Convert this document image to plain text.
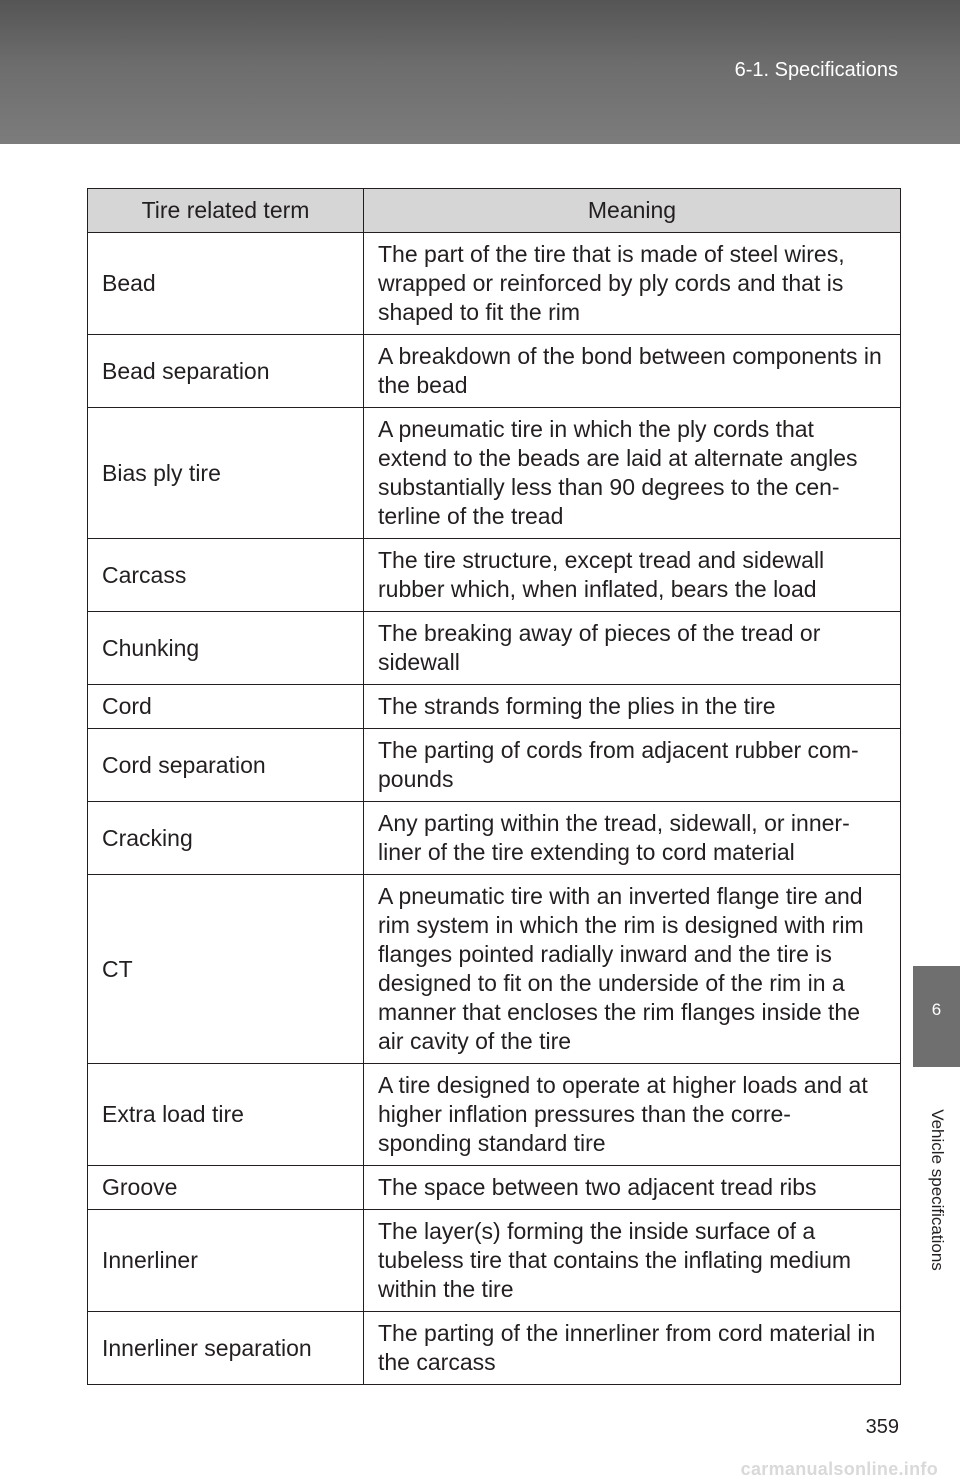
6-1. Specifications
6
Vehicle specifications
Tire related term	Meaning
Bead	The part of the tire that is made of steel wires, wrapped or reinforced by ply cords and that is shaped to fit the rim
Bead separation	A breakdown of the bond between components in the bead
Bias ply tire	A pneumatic tire in which the ply cords that extend to the beads are laid at alternate angles substantially less than 90 degrees to the cen-terline of the tread
Carcass	The tire structure, except tread and sidewall rubber which, when inflated, bears the load
Chunking	The breaking away of pieces of the tread or sidewall
Cord	The strands forming the plies in the tire
Cord separation	The parting of cords from adjacent rubber com-pounds
Cracking	Any parting within the tread, sidewall, or inner-liner of the tire extending to cord material
CT	A pneumatic tire with an inverted flange tire and rim system in which the rim is designed with rim flanges pointed radially inward and the tire is designed to fit on the underside of the rim in a manner that encloses the rim flanges inside the air cavity of the tire
Extra load tire	A tire designed to operate at higher loads and at higher inflation pressures than the corre-sponding standard tire
Groove	The space between two adjacent tread ribs
Innerliner	The layer(s) forming the inside surface of a tubeless tire that contains the inflating medium within the tire
Innerliner separation	The parting of the innerliner from cord material in the carcass
359
carmanualsonline.info
